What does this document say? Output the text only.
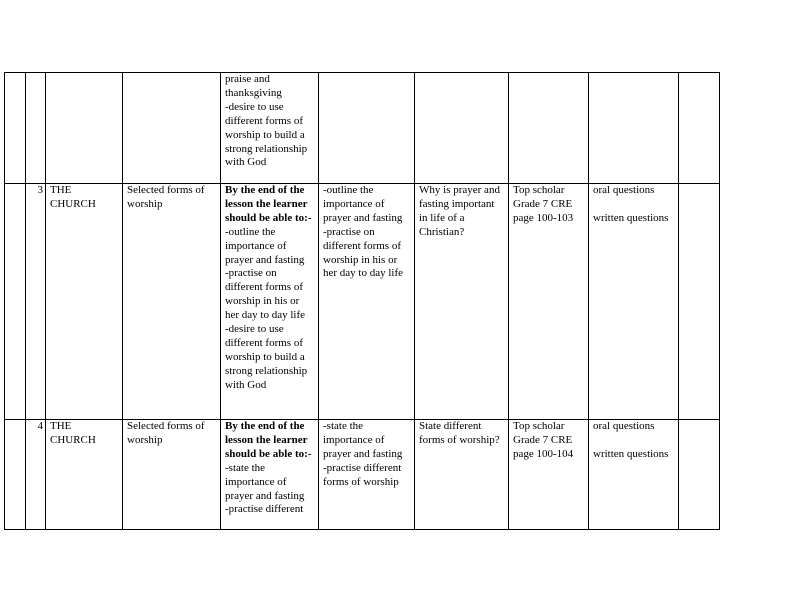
				praise and thanksgiving
-desire to use different forms of worship to build a strong relationship with God					

	3	THE CHURCH	Selected forms of worship	By the end of the lesson the learner should be able to:-
-outline the importance of prayer and fasting
-practise on different forms of worship in his or her day to day life
-desire to use different forms of worship to build a strong relationship with God	-outline the importance of prayer and fasting
-practise on different forms of worship in his or her day to day life	Why is prayer and fasting important in life of a Christian?	Top scholar Grade 7 CRE page 100-103	oral questions
written questions	

	4	THE CHURCH	Selected forms of worship	By the end of the lesson the learner should be able to:-
-state the importance of prayer and fasting
-practise different	-state the importance of prayer and fasting
-practise different forms of worship	State different forms of worship?	Top scholar Grade 7 CRE page 100-104	oral questions
written questions	
